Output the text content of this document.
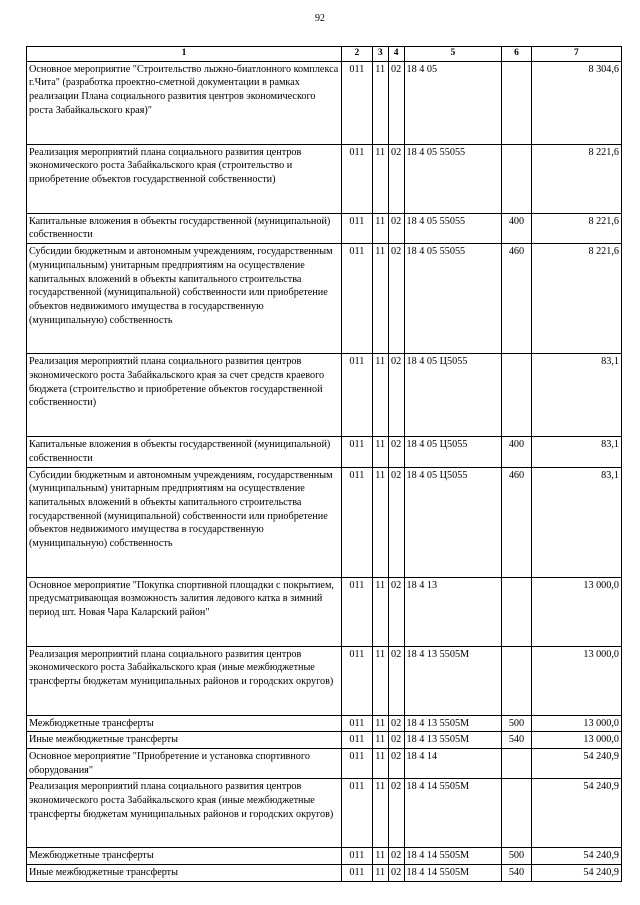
92
1	2	3	4	5	6	7
Основное мероприятие "Строительство лыжно-биатлонного комплекса г.Чита" (разработка проектно-сметной документации в рамках реализации Плана социального развития центров экономического роста Забайкальского края)"	011	11	02	18 4 05		8 304,6
Реализация мероприятий плана социального развития центров экономического роста Забайкальского края (строительство и приобретение объектов государственной собственности)	011	11	02	18 4 05 55055		8 221,6
Капитальные вложения в объекты государственной (муниципальной) собственности	011	11	02	18 4 05 55055	400	8 221,6
Субсидии бюджетным и автономным учреждениям, государственным (муниципальным) унитарным предприятиям на осуществление капитальных вложений в объекты капитального строительства государственной (муниципальной) собственности или приобретение объектов недвижимого имущества в государственную (муниципальную) собственность	011	11	02	18 4 05 55055	460	8 221,6
Реализация мероприятий плана социального развития центров экономического роста Забайкальского края за счет средств краевого бюджета (строительство и приобретение объектов государственной собственности)	011	11	02	18 4 05 Ц5055		83,1
Капитальные вложения в объекты государственной (муниципальной) собственности	011	11	02	18 4 05 Ц5055	400	83,1
Субсидии бюджетным и автономным учреждениям, государственным (муниципальным) унитарным предприятиям на осуществление капитальных вложений в объекты капитального строительства государственной (муниципальной) собственности или приобретение объектов недвижимого имущества в государственную (муниципальную) собственность	011	11	02	18 4 05 Ц5055	460	83,1
Основное мероприятие "Покупка спортивной площадки с покрытием, предусматривающая возможность залития ледового катка в зимний период шт. Новая Чара Каларский район"	011	11	02	18 4 13		13 000,0
Реализация мероприятий плана социального развития центров экономического роста Забайкальского края (иные межбюджетные трансферты бюджетам муниципальных районов и городских округов)	011	11	02	18 4 13 5505М		13 000,0
Межбюджетные трансферты	011	11	02	18 4 13 5505М	500	13 000,0
Иные межбюджетные трансферты	011	11	02	18 4 13 5505М	540	13 000,0
Основное мероприятие "Приобретение и установка спортивного оборудования"	011	11	02	18 4 14		54 240,9
Реализация мероприятий плана социального развития центров экономического роста Забайкальского края (иные межбюджетные трансферты бюджетам муниципальных районов и городских округов)	011	11	02	18 4 14 5505М		54 240,9
Межбюджетные трансферты	011	11	02	18 4 14 5505М	500	54 240,9
Иные межбюджетные трансферты	011	11	02	18 4 14 5505М	540	54 240,9
